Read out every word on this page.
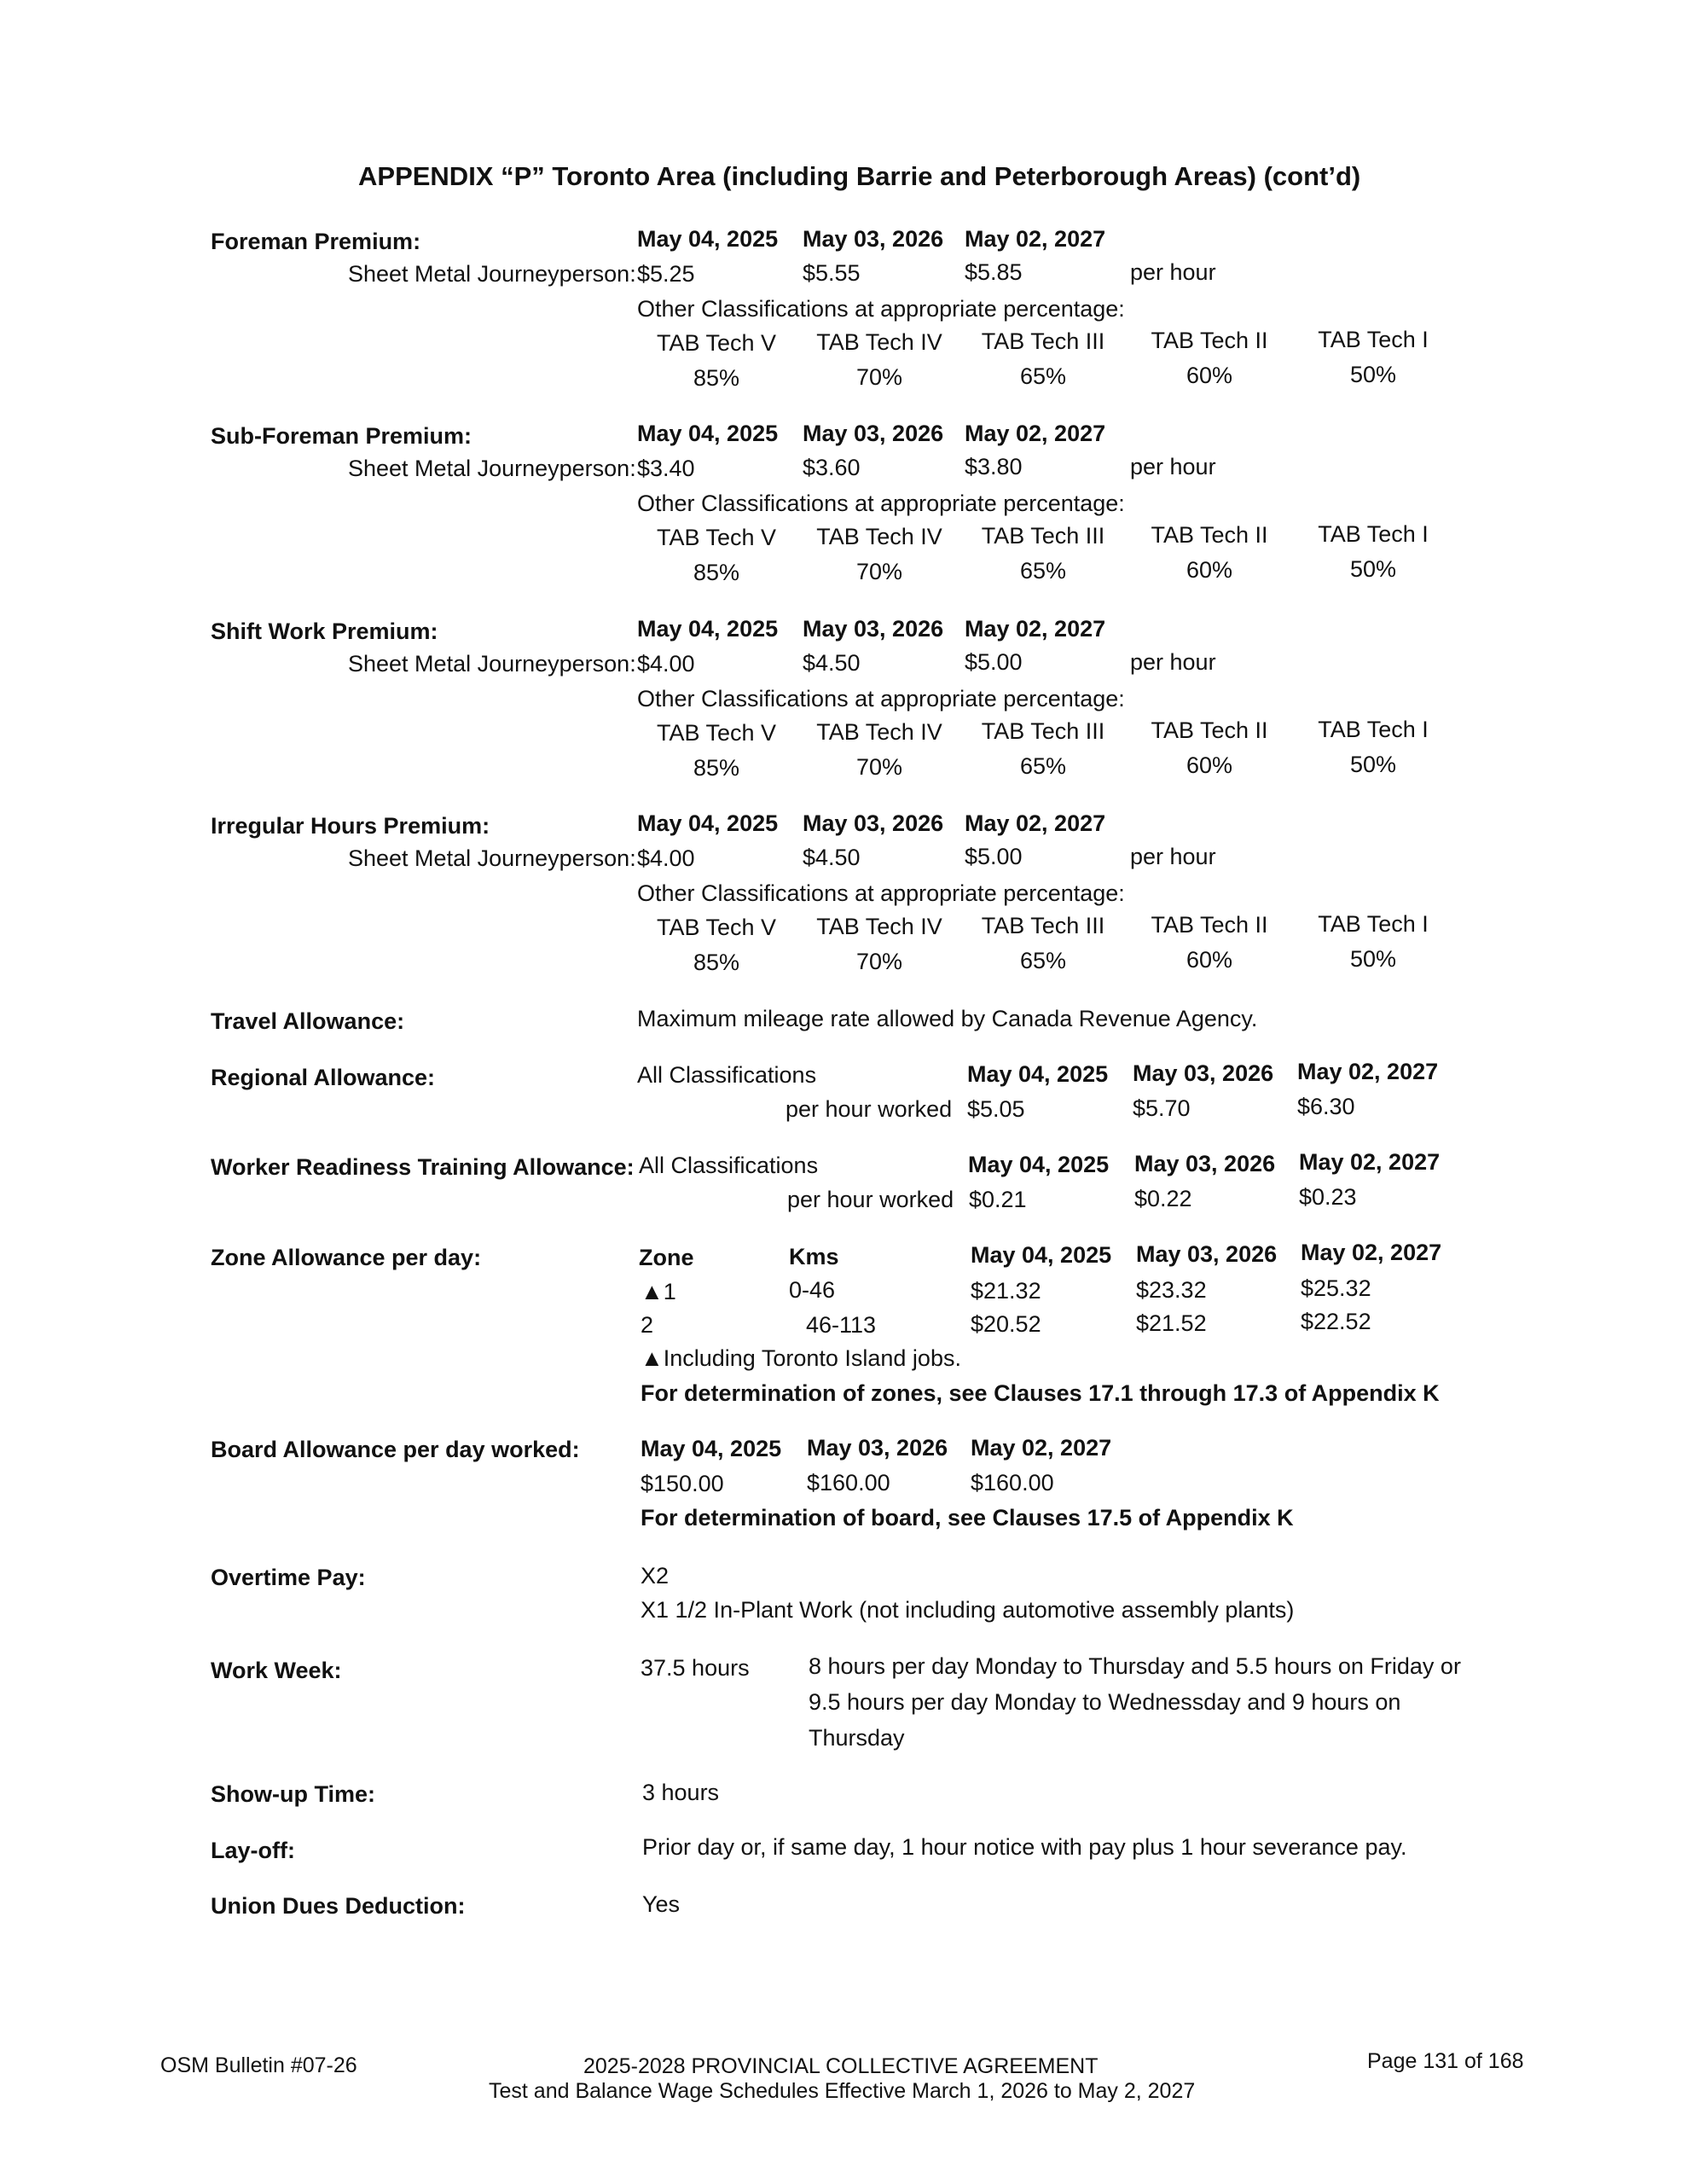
APPENDIX “P” Toronto Area (including Barrie and Peterborough Areas) (cont’d)
Foreman Premium:	May 04, 2025 May 03, 2026 May 02, 2027
Sheet Metal Journeyperson: $5.25	$5.55	$5.85	per hour
Other Classifications at appropriate percentage:
TAB Tech V	TAB Tech IV	TAB Tech III	TAB Tech II	TAB Tech I
85%	70%	65%	60%	50%
Sub-Foreman Premium:	May 04, 2025 May 03, 2026 May 02, 2027
Sheet Metal Journeyperson: $3.40	$3.60	$3.80	per hour
Other Classifications at appropriate percentage:
TAB Tech V	TAB Tech IV	TAB Tech III	TAB Tech II	TAB Tech I
85%	70%	65%	60%	50%
Shift Work Premium:	May 04, 2025 May 03, 2026 May 02, 2027
Sheet Metal Journeyperson: $4.00	$4.50	$5.00	per hour
Other Classifications at appropriate percentage:
TAB Tech V	TAB Tech IV	TAB Tech III	TAB Tech II	TAB Tech I
85%	70%	65%	60%	50%
Irregular Hours Premium:	May 04, 2025 May 03, 2026 May 02, 2027
Sheet Metal Journeyperson: $4.00	$4.50	$5.00	per hour
Other Classifications at appropriate percentage:
TAB Tech V	TAB Tech IV	TAB Tech III	TAB Tech II	TAB Tech I
85%	70%	65%	60%	50%
Travel Allowance:	Maximum mileage rate allowed by Canada Revenue Agency.
Regional Allowance:	All Classifications	May 04, 2025 May 03, 2026 May 02, 2027
per hour worked $5.05	$5.70	$6.30
Worker Readiness Training Allowance: All Classifications	May 04, 2025 May 03, 2026 May 02, 2027
per hour worked $0.21	$0.22	$0.23
Zone Allowance per day:	Zone	Kms	May 04, 2025 May 03, 2026 May 02, 2027
▲1	0-46	$21.32	$23.32	$25.32
2	46-113	$20.52	$21.52	$22.52
▲Including Toronto Island jobs.
For determination of zones, see Clauses 17.1 through 17.3 of Appendix K
Board Allowance per day worked:	May 04, 2025 May 03, 2026 May 02, 2027
$150.00	$160.00	$160.00
For determination of board, see Clauses 17.5 of Appendix K
Overtime Pay:	X2
X1 1/2 In-Plant Work (not including automotive assembly plants)
Work Week:	37.5 hours	8 hours per day Monday to Thursday and 5.5 hours on Friday or
9.5 hours per day Monday to Wednessday and 9 hours on
Thursday
Show-up Time:	3 hours
Lay-off:	Prior day or, if same day, 1 hour notice with pay plus 1 hour severance pay.
Union Dues Deduction:	Yes
OSM Bulletin #07-26	2025-2028 PROVINCIAL COLLECTIVE AGREEMENT
Test and Balance Wage Schedules Effective March 1, 2026 to May 2, 2027
Page 131 of 168
